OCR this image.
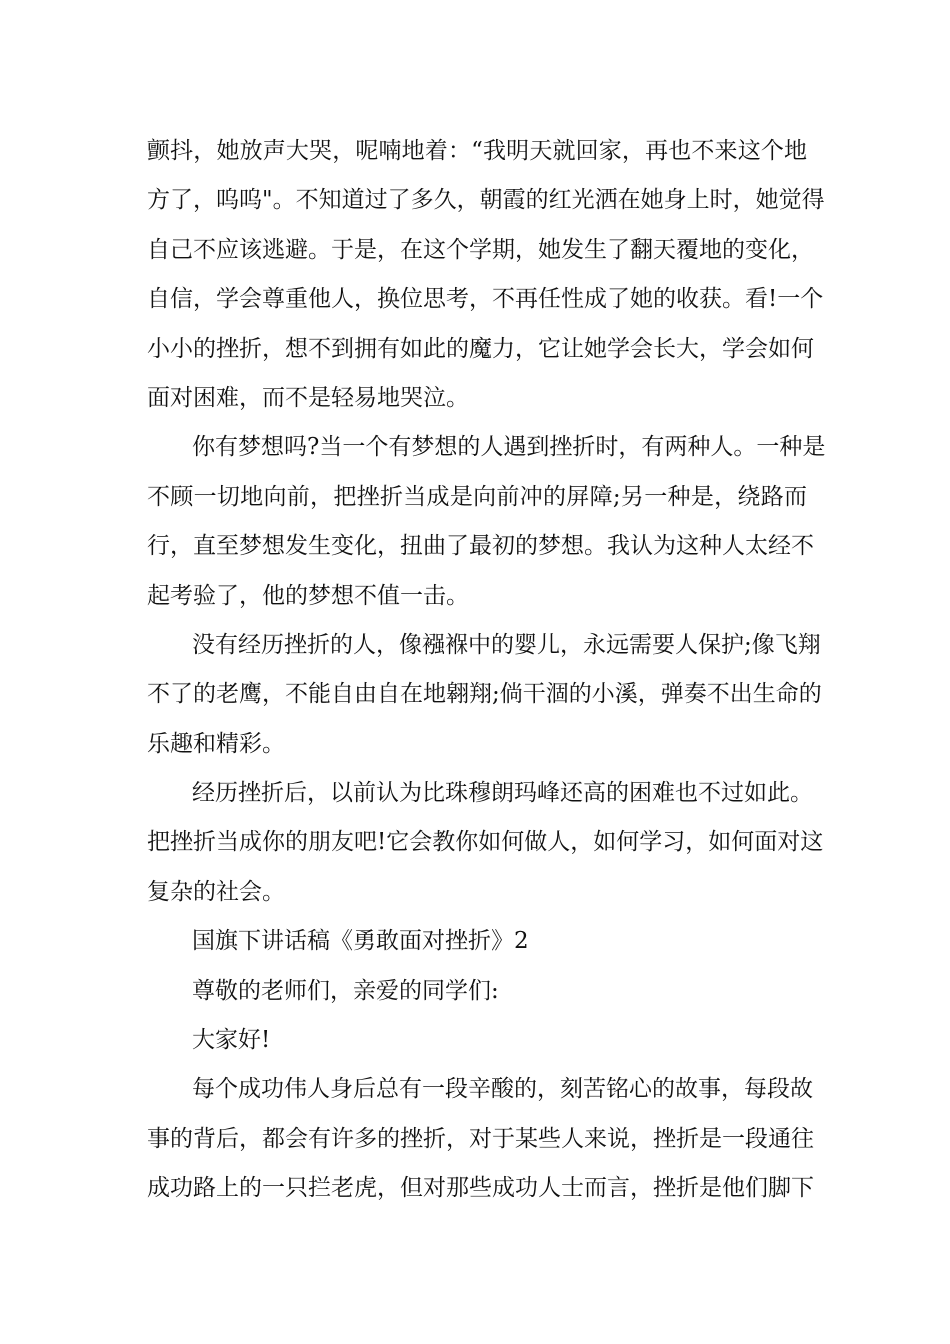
颤抖，她放声大哭，呢喃地着：“我明天就回家，再也不来这个地
方了，呜呜"。不知道过了多久，朝霞的红光洒在她身上时，她觉得
自己不应该逃避。于是，在这个学期，她发生了翻天覆地的变化，
自信，学会尊重他人，换位思考，不再任性成了她的收获。看!一个
小小的挫折，想不到拥有如此的魔力，它让她学会长大，学会如何
面对困难，而不是轻易地哭泣。
你有梦想吗?当一个有梦想的人遇到挫折时，有两种人。一种是
不顾一切地向前，把挫折当成是向前冲的屏障;另一种是，绕路而
行，直至梦想发生变化，扭曲了最初的梦想。我认为这种人太经不
起考验了，他的梦想不值一击。
没有经历挫折的人，像襁褓中的婴儿，永远需要人保护;像飞翔
不了的老鹰，不能自由自在地翱翔;倘干涸的小溪，弹奏不出生命的
乐趣和精彩。
经历挫折后，以前认为比珠穆朗玛峰还高的困难也不过如此。
把挫折当成你的朋友吧!它会教你如何做人，如何学习，如何面对这
复杂的社会。
国旗下讲话稿《勇敢面对挫折》2
尊敬的老师们，亲爱的同学们:
大家好!
每个成功伟人身后总有一段辛酸的，刻苦铭心的故事，每段故
事的背后，都会有许多的挫折，对于某些人来说，挫折是一段通往
成功路上的一只拦老虎，但对那些成功人士而言，挫折是他们脚下
